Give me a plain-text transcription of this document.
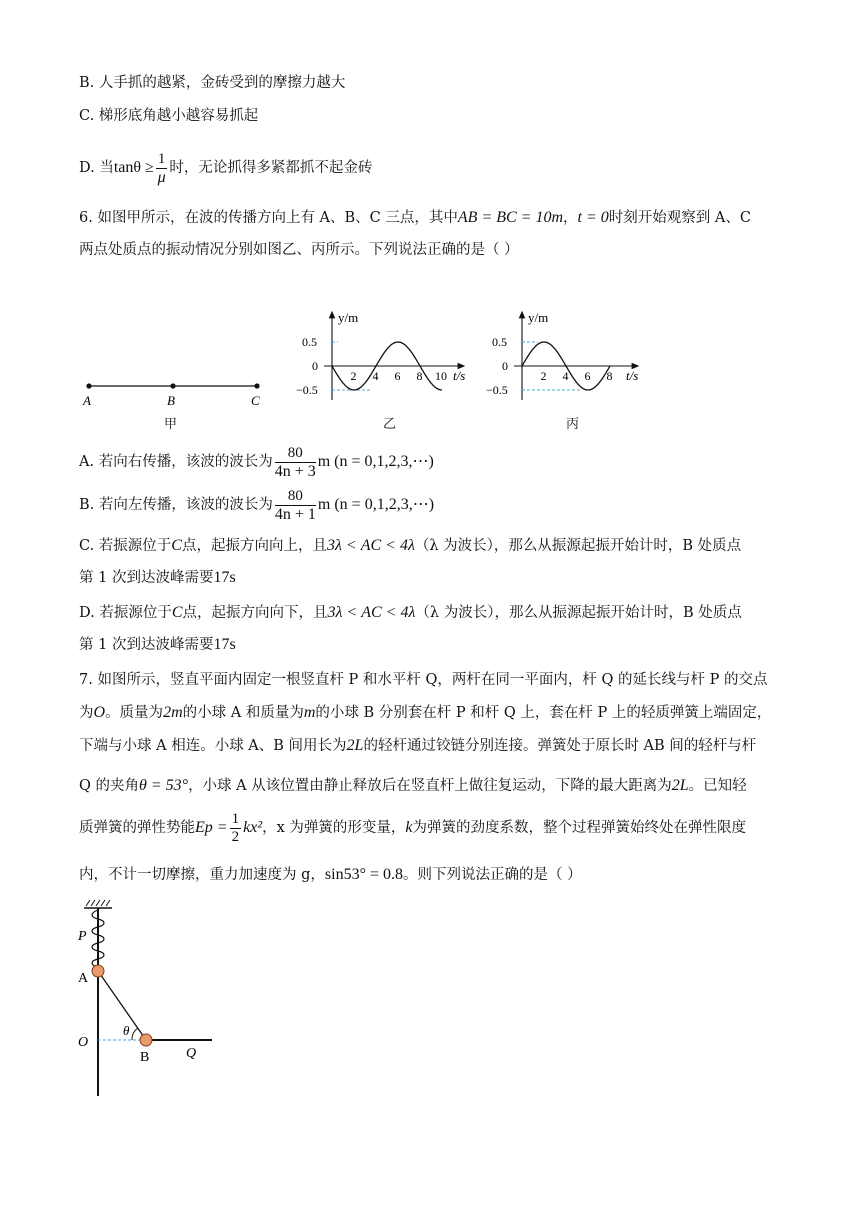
B. 人手抓的越紧，金砖受到的摩擦力越大
C. 梯形底角越小越容易抓起
D. 当$\tan\theta \ge \frac{1}{\mu}$ 时，无论抓得多紧都抓不起金砖
6. 如图甲所示，在波的传播方向上有 A、B、C 三点，其中AB = BC = 10m，t = 0时刻开始观察到 A、C
两点处质点的振动情况分别如图乙、丙所示。下列说法正确的是（ ）
A	B	C
甲
y/m
t/s
0.5
0
−0.5
2 4 6 8 10
乙
y/m
t/s
0.5
0
−0.5
2 4 6 8
丙
A. 若向右传播，该波的波长为 $\frac{80}{4n + 3}$ m (n = 0,1,2,3,⋯)
B. 若向左传播，该波的波长为 $\frac{80}{4n + 1}$ m (n = 0,1,2,3,⋯)
C. 若振源位于C点，起振方向向上，且3λ < AC < 4λ（λ 为波长），那么从振源起振开始计时，B 处质点
第 1 次到达波峰需要17s
D. 若振源位于C点，起振方向向下，且3λ < AC < 4λ（λ 为波长），那么从振源起振开始计时，B 处质点
第 1 次到达波峰需要17s
7. 如图所示，竖直平面内固定一根竖直杆 P 和水平杆 Q，两杆在同一平面内，杆 Q 的延长线与杆 P 的交点
为O。质量为2m的小球 A 和质量为m的小球 B 分别套在杆 P 和杆 Q 上，套在杆 P 上的轻质弹簧上端固定，
下端与小球 A 相连。小球 A、B 间用长为2L的轻杆通过铰链分别连接。弹簧处于原长时 AB 间的轻杆与杆
Q 的夹角θ = 53°，小球 A 从该位置由静止释放后在竖直杆上做往复运动，下降的最大距离为2L。已知轻
质弹簧的弹性势能$Ep = \frac{1}{2} kx^2$，x 为弹簧的形变量，k为弹簧的劲度系数，整个过程弹簧始终处在弹性限度
内，不计一切摩擦，重力加速度为 g，sin53° = 0.8。则下列说法正确的是（ ）
P
A
O
θ
B	Q
